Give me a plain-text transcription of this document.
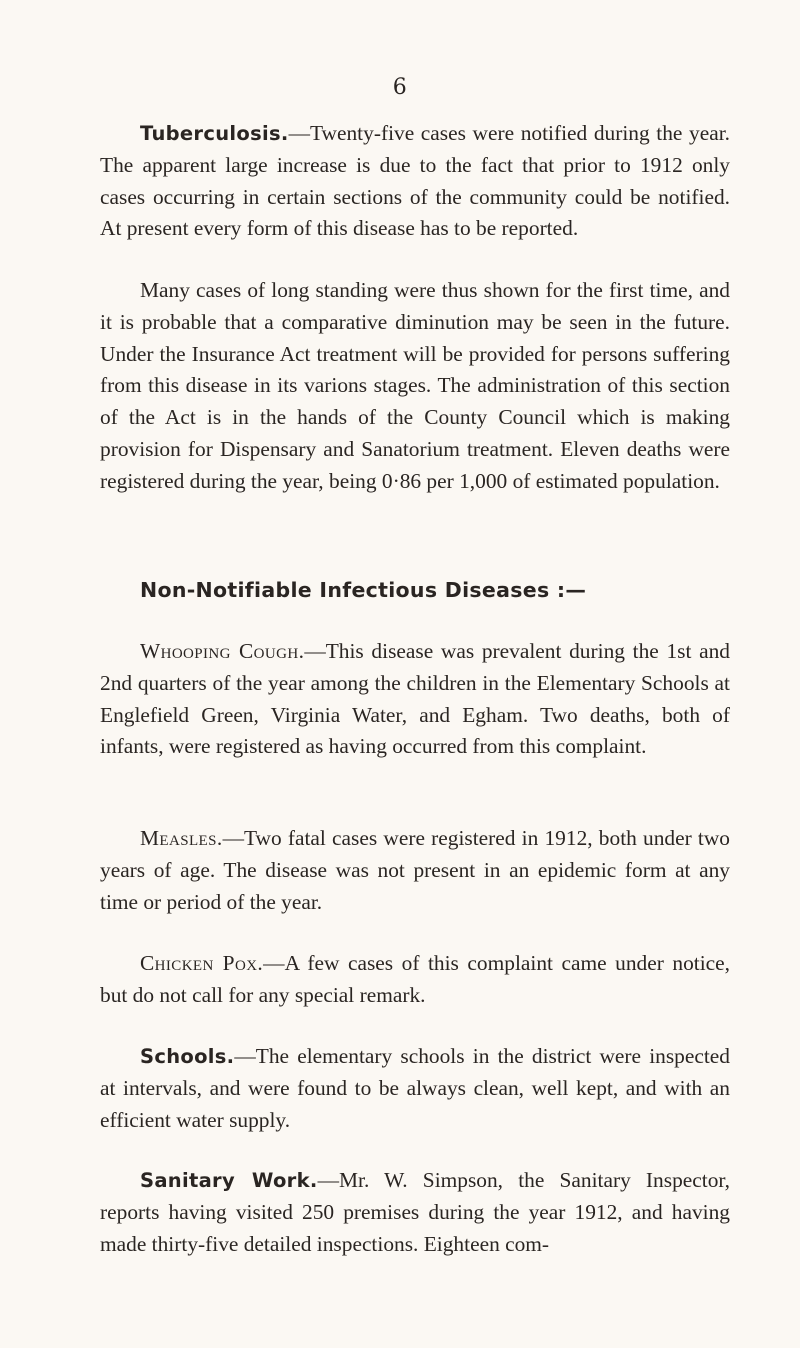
6

Tuberculosis.—Twenty-five cases were notified during the year. The apparent large increase is due to the fact that prior to 1912 only cases occurring in certain sections of the community could be notified. At present every form of this disease has to be reported.

Many cases of long standing were thus shown for the first time, and it is probable that a comparative diminution may be seen in the future. Under the Insurance Act treatment will be provided for persons suffering from this disease in its varions stages. The administration of this section of the Act is in the hands of the County Council which is making provision for Dispensary and Sanatorium treatment. Eleven deaths were registered during the year, being 0·86 per 1,000 of estimated population.

Non-Notifiable Infectious Diseases :—

Whooping Cough.—This disease was prevalent during the 1st and 2nd quarters of the year among the children in the Elementary Schools at Englefield Green, Virginia Water, and Egham. Two deaths, both of infants, were registered as having occurred from this complaint.

Measles.—Two fatal cases were registered in 1912, both under two years of age. The disease was not present in an epidemic form at any time or period of the year.

Chicken Pox.—A few cases of this complaint came under notice, but do not call for any special remark.

Schools.—The elementary schools in the district were inspected at intervals, and were found to be always clean, well kept, and with an efficient water supply.

Sanitary Work.—Mr. W. Simpson, the Sanitary Inspector, reports having visited 250 premises during the year 1912, and having made thirty-five detailed inspections. Eighteen com-
